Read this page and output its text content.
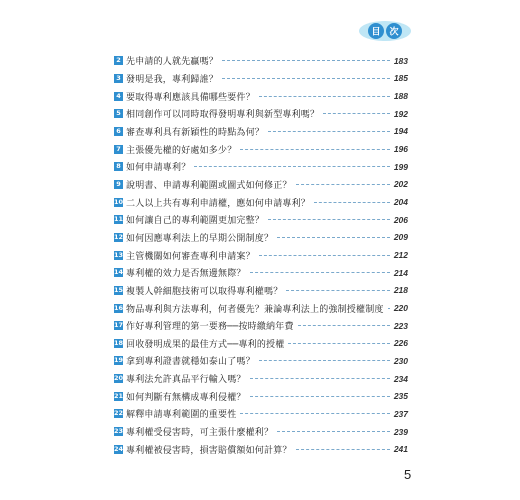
目 次
2 先申請的人就先贏嗎？	183
3 發明是我，專利歸誰？	185
4 要取得專利應該具備哪些要件？	188
5 相同創作可以同時取得發明專利與新型專利嗎？	192
6 審查專利具有新穎性的時點為何？	194
7 主張優先權的好處如多少？	196
8 如何申請專利？	199
9 說明書、申請專利範圍或圖式如何修正？	202
10 二人以上共有專利申請權，應如何申請專利？	204
11 如何讓自己的專利範圍更加完整？	206
12 如何因應專利法上的早期公開制度？	209
13 主管機關如何審查專利申請案？	212
14 專利權的效力是否無邊無際？	214
15 複製人幹細胞技術可以取得專利權嗎？	218
16 物品專利與方法專利，何者優先？兼論專利法上的強制授權制度 220
17 作好專利管理的第一要務──按時繳納年費	223
18 回收發明成果的最佳方式──專利的授權	226
19 拿到專利證書就穩如泰山了嗎？	230
20 專利法允許真品平行輸入嗎？	234
21 如何判斷有無構成專利侵權？	235
22 解釋申請專利範圍的重要性	237
23 專利權受侵害時，可主張什麼權利？	239
24 專利權被侵害時，損害賠償額如何計算？	241
5
